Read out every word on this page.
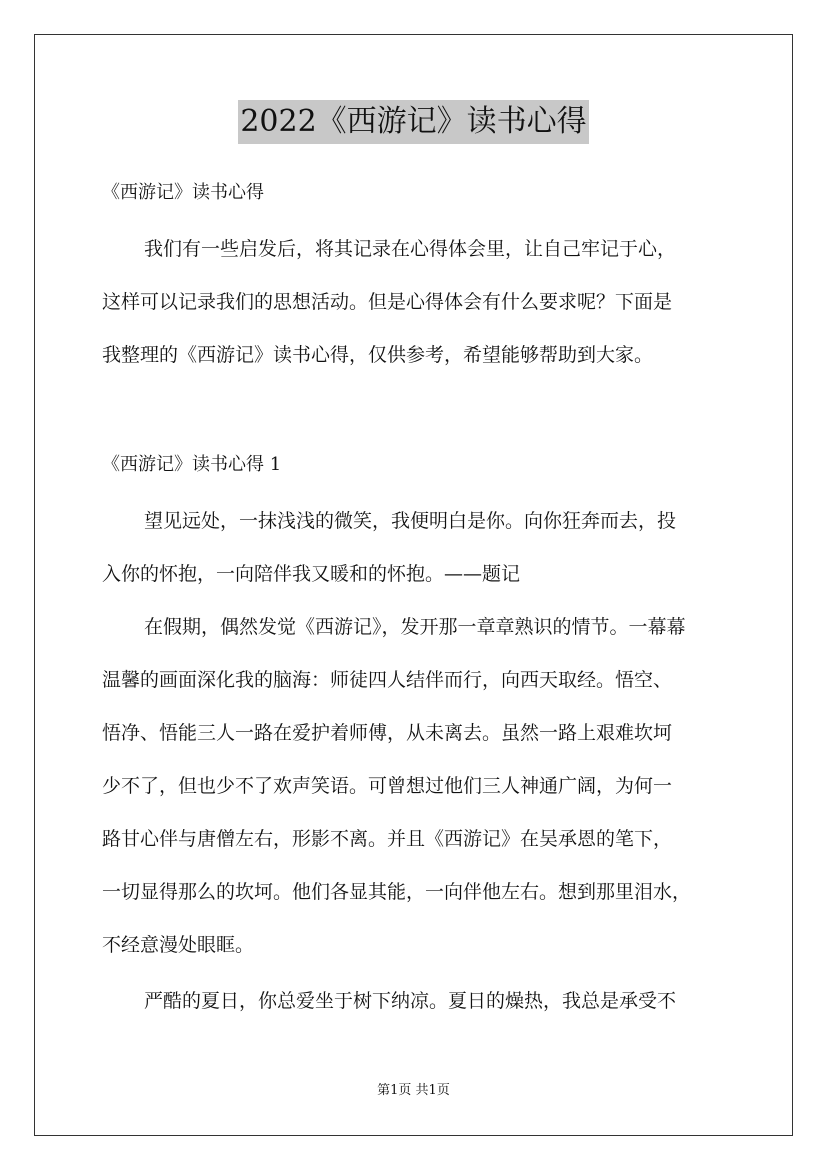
2022《西游记》读书心得
《西游记》读书心得
我们有一些启发后，将其记录在心得体会里，让自己牢记于心，
这样可以记录我们的思想活动。但是心得体会有什么要求呢？下面是
我整理的《西游记》读书心得，仅供参考，希望能够帮助到大家。
《西游记》读书心得 1
望见远处，一抹浅浅的微笑，我便明白是你。向你狂奔而去，投
入你的怀抱，一向陪伴我又暖和的怀抱。——题记
在假期，偶然发觉《西游记》，发开那一章章熟识的情节。一幕幕
温馨的画面深化我的脑海：师徒四人结伴而行，向西天取经。悟空、
悟净、悟能三人一路在爱护着师傅，从未离去。虽然一路上艰难坎坷
少不了，但也少不了欢声笑语。可曾想过他们三人神通广阔，为何一
路甘心伴与唐僧左右，形影不离。并且《西游记》在吴承恩的笔下，
一切显得那么的坎坷。他们各显其能，一向伴他左右。想到那里泪水，
不经意漫处眼眶。
严酷的夏日，你总爱坐于树下纳凉。夏日的燥热，我总是承受不
第1页 共1页
